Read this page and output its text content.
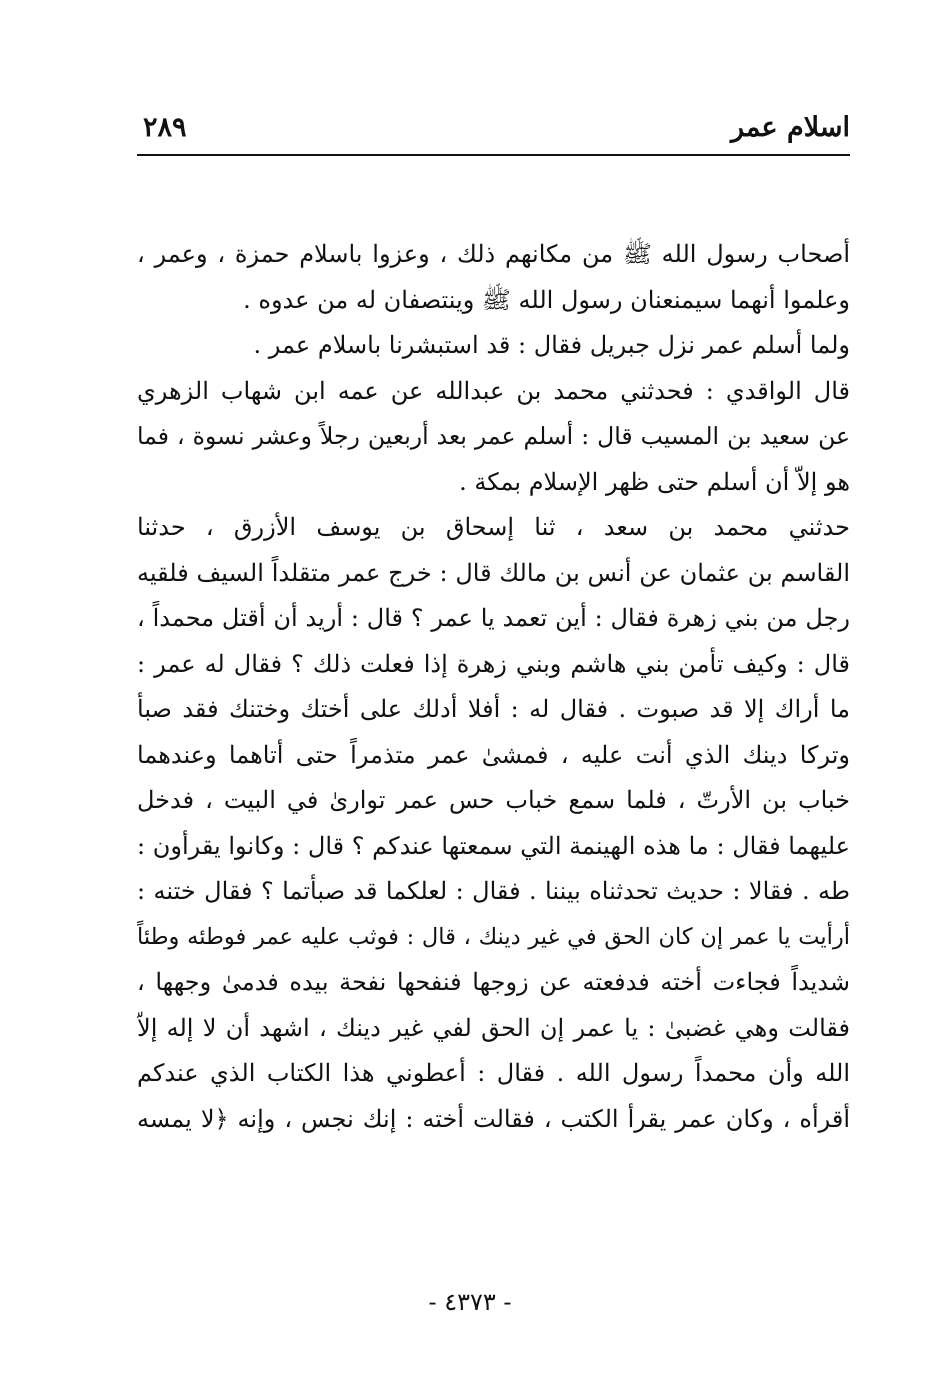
اسلام عمر
٢٨٩
أصحاب رسول الله ﷺ من مكانهم ذلك ، وعزوا باسلام حمزة ، وعمر ،
وعلموا أنهما سيمنعنان رسول الله ﷺ وينتصفان له من عدوه .
ولما أسلم عمر نزل جبريل فقال : قد استبشرنا باسلام عمر .
قال الواقدي : فحدثني محمد بن عبدالله عن عمه ابن شهاب الزهري
عن سعيد بن المسيب قال : أسلم عمر بعد أربعين رجلاً وعشر نسوة ، فما
هو إلاّ أن أسلم حتى ظهر الإسلام بمكة .
حدثني محمد بن سعد ، ثنا إسحاق بن يوسف الأزرق ، حدثنا
القاسم بن عثمان عن أنس بن مالك قال : خرج عمر متقلداً السيف فلقيه
رجل من بني زهرة فقال : أين تعمد يا عمر ؟ قال : أريد أن أقتل محمداً ،
قال : وكيف تأمن بني هاشم وبني زهرة إذا فعلت ذلك ؟ فقال له عمر :
ما أراك إلا قد صبوت . فقال له : أفلا أدلك على أختك وختنك فقد صبأ
وتركا دينك الذي أنت عليه ، فمشىٰ عمر متذمراً حتى أتاهما وعندهما
خباب بن الأرتّ ، فلما سمع خباب حس عمر توارىٰ في البيت ، فدخل
عليهما فقال : ما هذه الهينمة التي سمعتها عندكم ؟ قال : وكانوا يقرأون :
طه . فقالا : حديث تحدثناه بيننا . فقال : لعلكما قد صبأتما ؟ فقال ختنه :
أرأيت يا عمر إن كان الحق في غير دينك ، قال : فوثب عليه عمر فوطئه وطئاً
شديداً فجاءت أخته فدفعته عن زوجها فنفحها نفحة بيده فدمىٰ وجهها ،
فقالت وهي غضبىٰ : يا عمر إن الحق لفي غير دينك ، اشهد أن لا إله إلاّ
الله وأن محمداً رسول الله . فقال : أعطوني هذا الكتاب الذي عندكم
أقرأه ، وكان عمر يقرأ الكتب ، فقالت أخته : إنك نجس ، وإنه ﴿لا يمسه
- ٤٣٧٣ -
